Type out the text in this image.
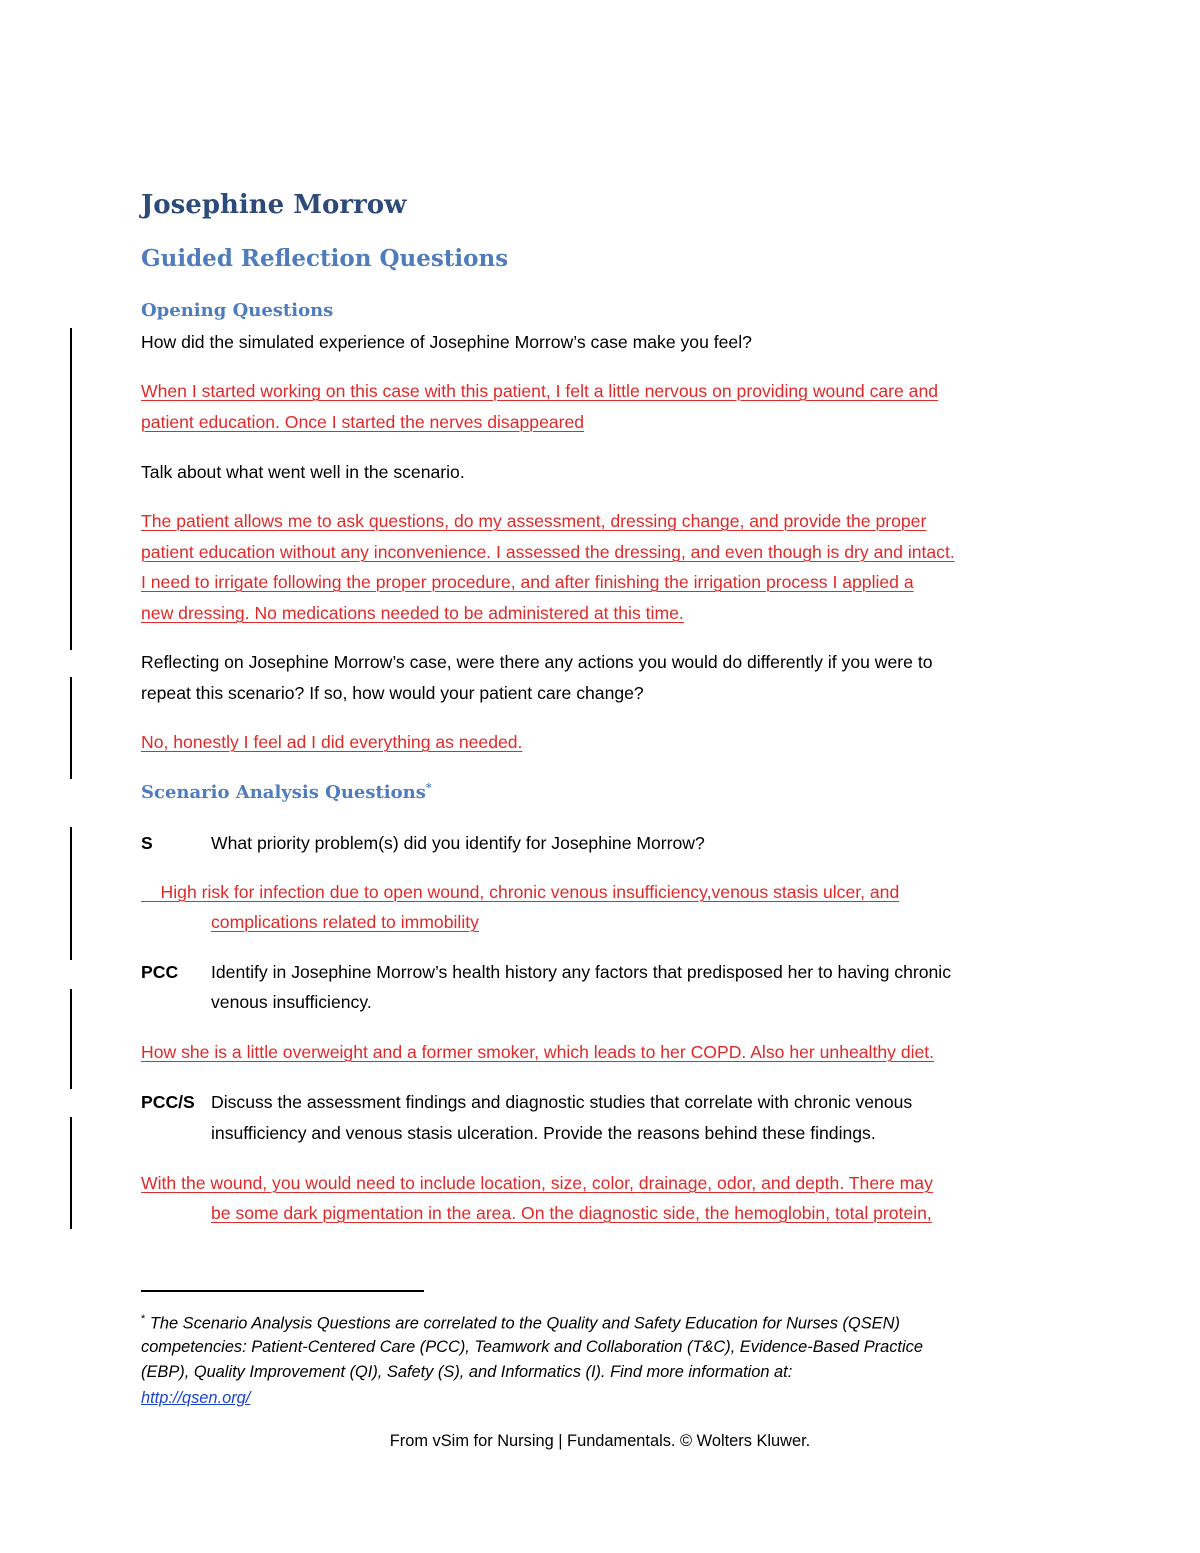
Josephine Morrow
Guided Reflection Questions
Opening Questions
How did the simulated experience of Josephine Morrow’s case make you feel?
When I started working on this case with this patient, I felt a little nervous on providing wound care and
patient education. Once I started the nerves disappeared
Talk about what went well in the scenario.
The patient allows me to ask questions, do my assessment, dressing change, and provide the proper
patient education without any inconvenience. I assessed the dressing, and even though is dry and intact.
I need to irrigate following the proper procedure, and after finishing the irrigation process I applied a
new dressing. No medications needed to be administered at this time.
Reflecting on Josephine Morrow’s case, were there any actions you would do differently if you were to
repeat this scenario? If so, how would your patient care change?
No, honestly I feel ad I did everything as needed.
Scenario Analysis Questions*
S	What priority problem(s) did you identify for Josephine Morrow?
High risk for infection due to open wound, chronic venous insufficiency,venous stasis ulcer, and
complications related to immobility
PCC Identify in Josephine Morrow’s health history any factors that predisposed her to having chronic
venous insufficiency.
How she is a little overweight and a former smoker, which leads to her COPD. Also her unhealthy diet.
PCC/S Discuss the assessment findings and diagnostic studies that correlate with chronic venous
insufficiency and venous stasis ulceration. Provide the reasons behind these findings.
With the wound, you would need to include location, size, color, drainage, odor, and depth. There may
be some dark pigmentation in the area. On the diagnostic side, the hemoglobin, total protein,
* The Scenario Analysis Questions are correlated to the Quality and Safety Education for Nurses (QSEN)
competencies: Patient-Centered Care (PCC), Teamwork and Collaboration (T&C), Evidence-Based Practice
(EBP), Quality Improvement (QI), Safety (S), and Informatics (I). Find more information at:
http://qsen.org/
From vSim for Nursing | Fundamentals. © Wolters Kluwer.
